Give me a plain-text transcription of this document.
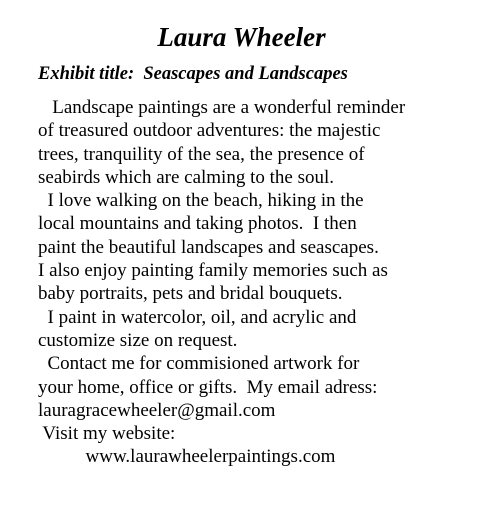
Laura Wheeler
Exhibit title: Seascapes and Landscapes
Landscape paintings are a wonderful reminder
of treasured outdoor adventures: the majestic
trees, tranquility of the sea, the presence of
seabirds which are calming to the soul.
I love walking on the beach, hiking in the
local mountains and taking photos.  I then
paint the beautiful landscapes and seascapes.
I also enjoy painting family memories such as
baby portraits, pets and bridal bouquets.
I paint in watercolor, oil, and acrylic and
customize size on request.
Contact me for commisioned artwork for
your home, office or gifts.  My email adress:
lauragracewheeler@gmail.com
Visit my website:
www.laurawheelerpaintings.com
